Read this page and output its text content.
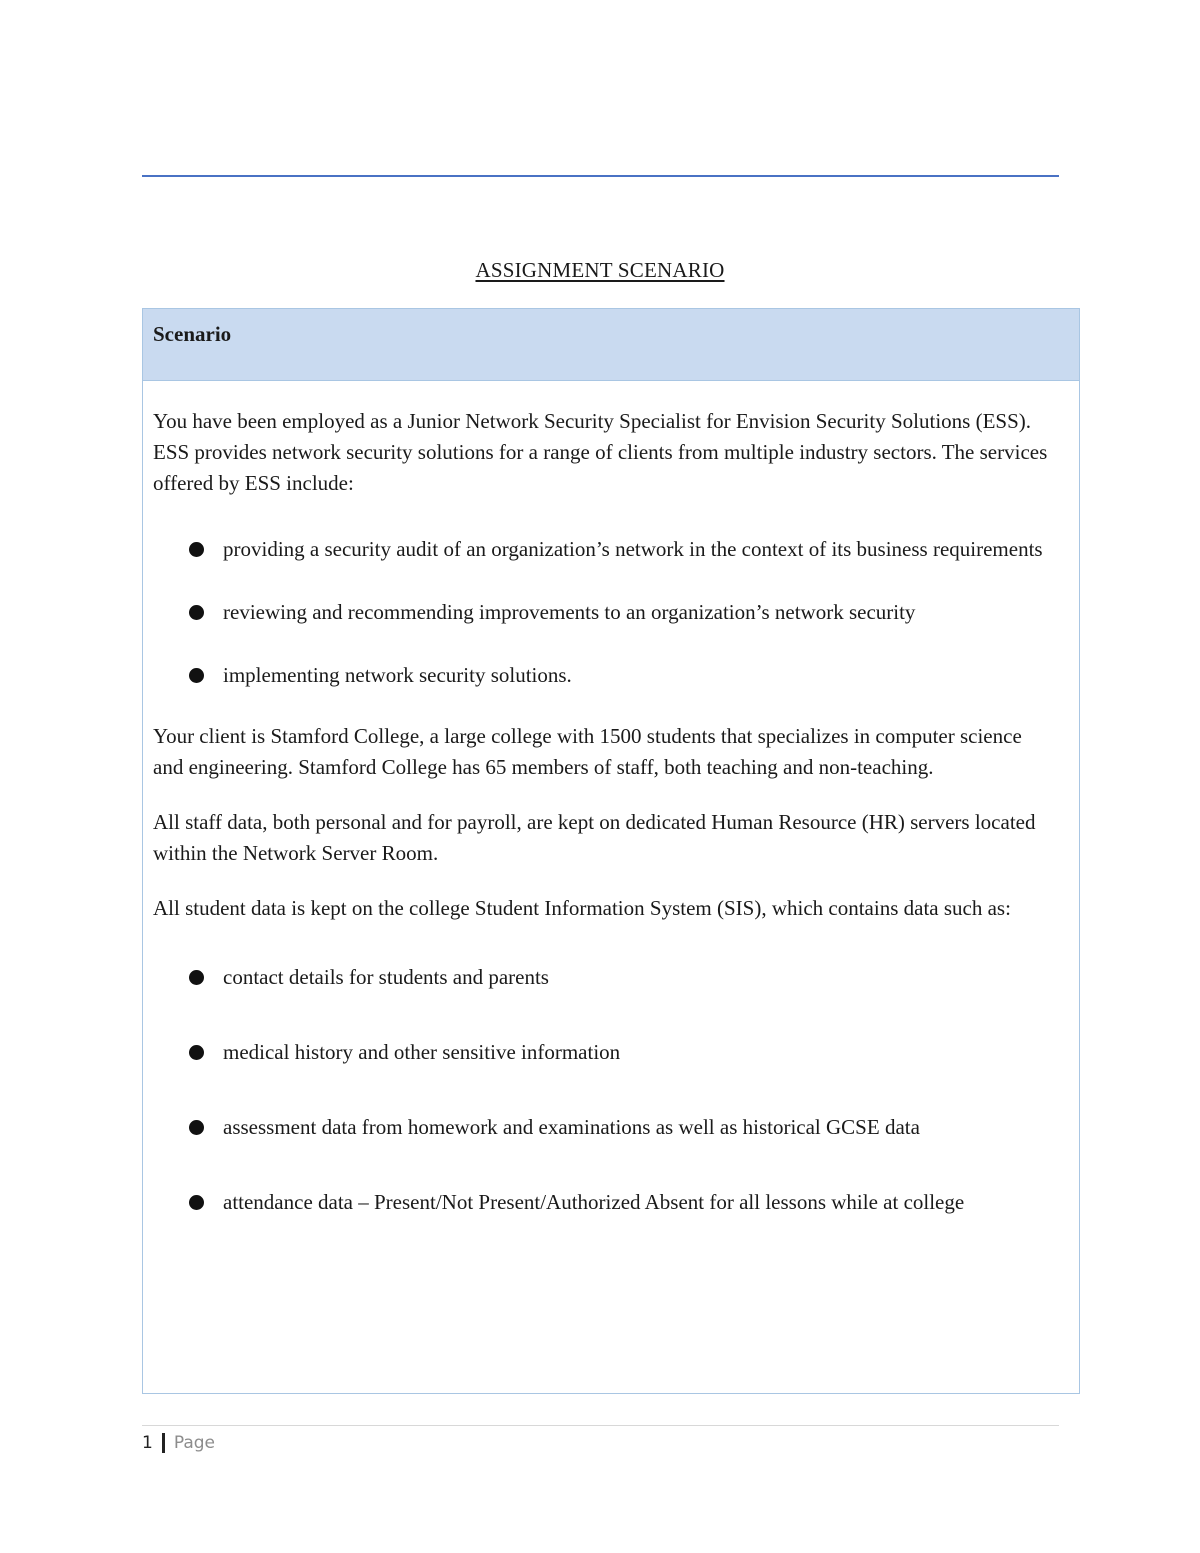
ASSIGNMENT SCENARIO
Scenario

You have been employed as a Junior Network Security Specialist for Envision Security Solutions (ESS). ESS provides network security solutions for a range of clients from multiple industry sectors. The services offered by ESS include:

providing a security audit of an organization’s network in the context of its business requirements
reviewing and recommending improvements to an organization’s network security
implementing network security solutions.

Your client is Stamford College, a large college with 1500 students that specializes in computer science and engineering. Stamford College has 65 members of staff, both teaching and non-teaching.

All staff data, both personal and for payroll, are kept on dedicated Human Resource (HR) servers located within the Network Server Room.

All student data is kept on the college Student Information System (SIS), which contains data such as:

contact details for students and parents
medical history and other sensitive information
assessment data from homework and examinations as well as historical GCSE data
attendance data – Present/Not Present/Authorized Absent for all lessons while at college
1 Page
